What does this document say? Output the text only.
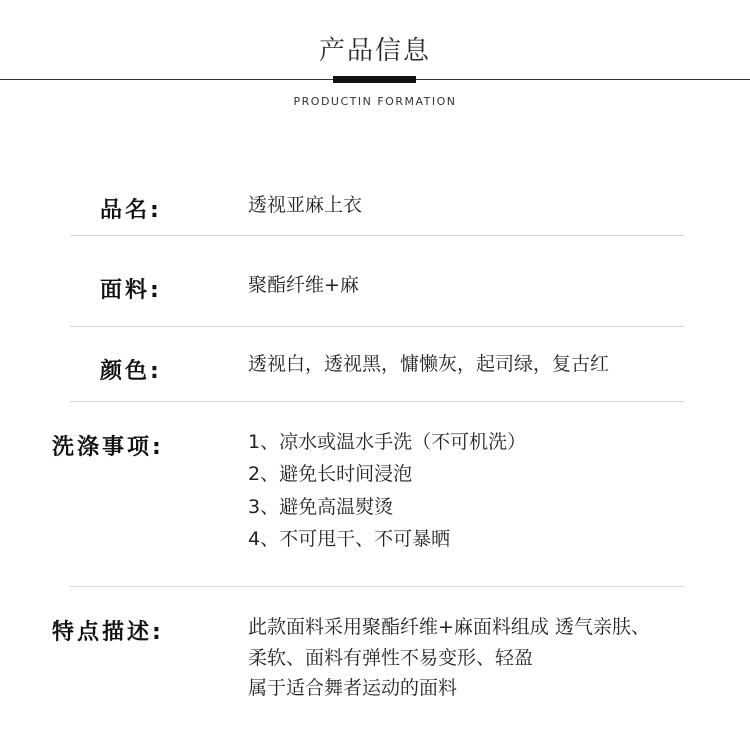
产品信息
PRODUCTIN FORMATION
品名:	透视亚麻上衣
面料:	聚酯纤维+麻
颜色:	透视白，透视黑，慵懒灰，起司绿，复古红
洗涤事项:	1、凉水或温水手洗（不可机洗）
2、避免长时间浸泡
3、避免高温熨烫
4、不可甩干、不可暴晒
特点描述:	此款面料采用聚酯纤维+麻面料组成 透气亲肤、
柔软、面料有弹性不易变形、轻盈
属于适合舞者运动的面料
